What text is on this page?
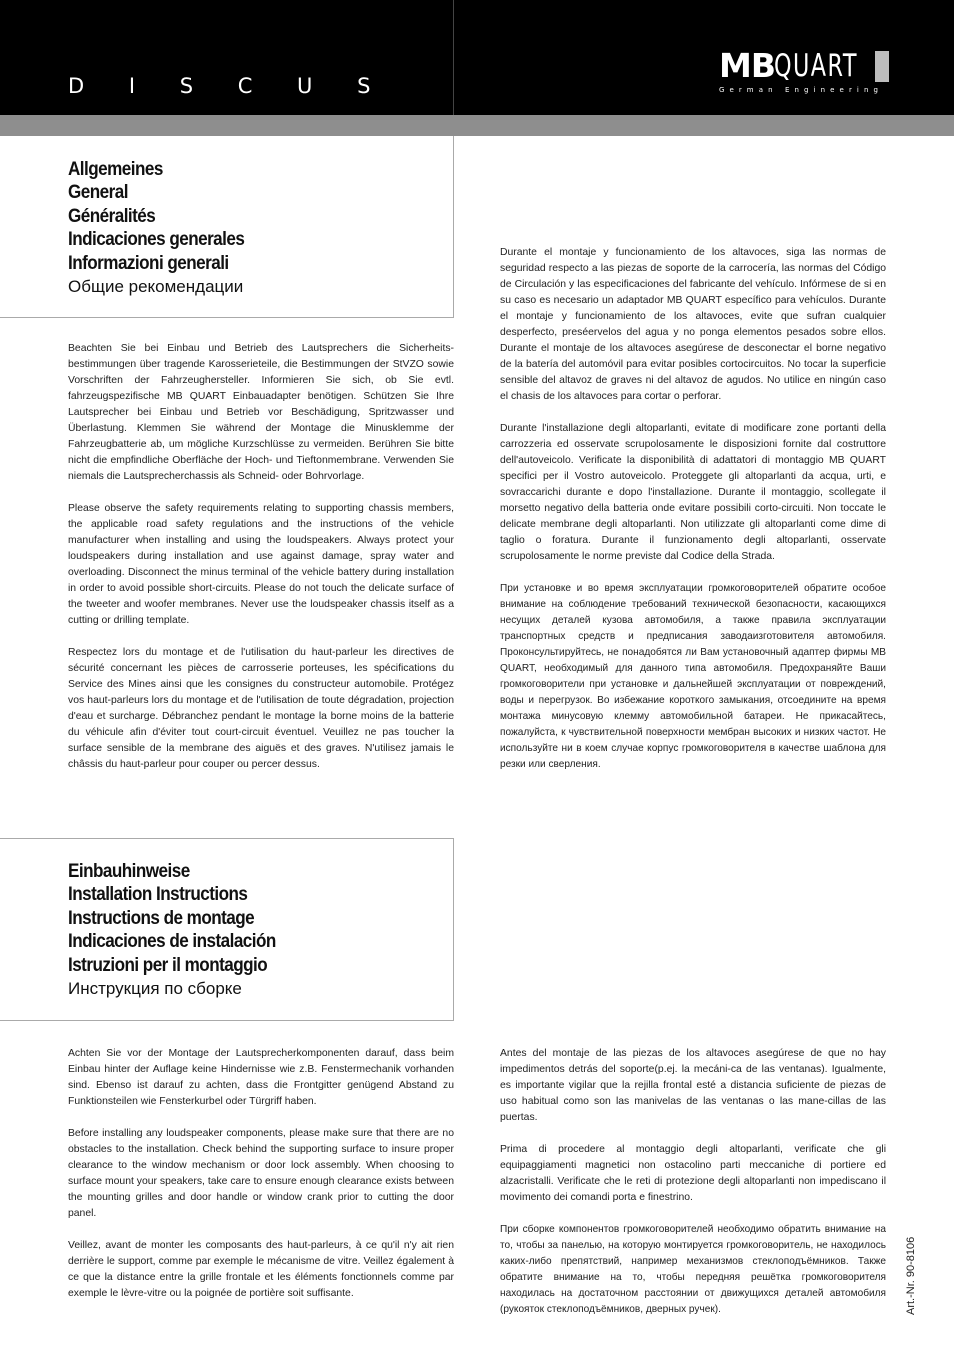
D I S C U S
MB QUART
German Engineering
Allgemeines
General
Généralités
Indicaciones generales
Informazioni generali
Общие рекомендации

Beachten Sie bei Einbau und Betrieb des Lautsprechers die Sicherheits-bestimmungen über tragende Karosserieteile, die Bestimmungen der StVZO sowie Vorschriften der Fahrzeughersteller. Informieren Sie sich, ob Sie evtl. fahrzeugspezifische MB QUART Einbauadapter benötigen. Schützen Sie Ihre Lautsprecher bei Einbau und Betrieb vor Beschädigung, Spritzwasser und Überlastung. Klemmen Sie während der Montage die Minusklemme der Fahrzeugbatterie ab, um mögliche Kurzschlüsse zu vermeiden. Berühren Sie bitte nicht die empfindliche Oberfläche der Hoch- und Tieftonmembrane. Verwenden Sie niemals die Lautsprecherchassis als Schneid- oder Bohrvorlage.

Please observe the safety requirements relating to supporting chassis members, the applicable road safety regulations and the instructions of the vehicle manufacturer when installing and using the loudspeakers. Always protect your loudspeakers during installation and use against damage, spray water and overloading. Disconnect the minus terminal of the vehicle battery during installation in order to avoid possible short-circuits. Please do not touch the delicate surface of the tweeter and woofer membranes. Never use the loudspeaker chassis itself as a cutting or drilling template.

Respectez lors du montage et de l'utilisation du haut-parleur les directives de sécurité concernant les pièces de carrosserie porteuses, les spécifications du Service des Mines ainsi que les consignes du constructeur automobile. Protégez vos haut-parleurs lors du montage et de l'utilisation de toute dégradation, projection d'eau et surcharge. Débranchez pendant le montage la borne moins de la batterie du véhicule afin d'éviter tout court-circuit éventuel. Veuillez ne pas toucher la surface sensible de la membrane des aiguës et des graves. N'utilisez jamais le châssis du haut-parleur pour couper ou percer dessus.

Durante el montaje y funcionamiento de los altavoces, siga las normas de seguridad respecto a las piezas de soporte de la carrocería, las normas del Código de Circulación y las especificaciones del fabricante del vehículo. Infórmese de si en su caso es necesario un adaptador MB QUART específico para vehículos. Durante el montaje y funcionamiento de los altavoces, evite que sufran cualquier desperfecto, preséervelos del agua y no ponga elementos pesados sobre ellos. Durante el montaje de los altavoces asegúrese de desconectar el borne negativo de la batería del automóvil para evitar posibles cortocircuitos. No tocar la superficie sensible del altavoz de graves ni del altavoz de agudos. No utilice en ningún caso el chasis de los altavoces para cortar o perforar.

Durante l'installazione degli altoparlanti, evitate di modificare zone portanti della carrozzeria ed osservate scrupolosamente le disposizioni fornite dal costruttore dell'autoveicolo. Verificate la disponibilità di adattatori di montaggio MB QUART specifici per il Vostro autoveicolo. Proteggete gli altoparlanti da acqua, urti, e sovraccarichi durante e dopo l'installazione. Durante il montaggio, scollegate il morsetto negativo della batteria onde evitare possibili corto-circuiti. Non toccate le delicate membrane degli altoparlanti. Non utilizzate gli altoparlanti come dime di taglio o foratura. Durante il funzionamento degli altoparlanti, osservate scrupolosamente le norme previste dal Codice della Strada.

При установке и во время эксплуатации громкоговорителей обратите особое внимание на соблюдение требований технической безопасности, касающихся несущих деталей кузова автомобиля, а также правила эксплуатации транспортных средств и предписания заводаизготовителя автомобиля. Проконсультируйтесь, не понадобятся ли Вам установочный адаптер фирмы MB QUART, необходимый для данного типа автомобиля. Предохраняйте Ваши громкоговорители при установке и дальнейшей эксплуатации от повреждений, воды и перегрузок. Во избежание короткого замыкания, отсоедините на время монтажа минусовую клемму автомобильной батареи. Не прикасайтесь, пожалуйста, к чувствительной поверхности мембран высоких и низких частот. Не используйте ни в коем случае корпус громкоговорителя в качестве шаблона для резки или сверления.

Einbauhinweise
Installation Instructions
Instructions de montage
Indicaciones de instalación
Istruzioni per il montaggio
Инструкция по сборке

Achten Sie vor der Montage der Lautsprecherkomponenten darauf, dass beim Einbau hinter der Auflage keine Hindernisse wie z.B. Fenstermechanik vorhanden sind. Ebenso ist darauf zu achten, dass die Frontgitter genügend Abstand zu Funktionsteilen wie Fensterkurbel oder Türgriff haben.

Before installing any loudspeaker components, please make sure that there are no obstacles to the installation. Check behind the supporting surface to insure proper clearance to the window mechanism or door lock assembly. When choosing to surface mount your speakers, take care to ensure enough clearance exists between the mounting grilles and door handle or window crank prior to cutting the door panel.

Veillez, avant de monter les composants des haut-parleurs, à ce qu'il n'y ait rien derrière le support, comme par exemple le mécanisme de vitre. Veillez également à ce que la distance entre la grille frontale et les éléments fonctionnels comme par exemple le lèvre-vitre ou la poignée de portière soit suffisante.

Antes del montaje de las piezas de los altavoces asegúrese de que no hay impedimentos detrás del soporte(p.ej. la mecáni-ca de las ventanas). Igualmente, es importante vigilar que la rejilla frontal esté a distancia suficiente de piezas de uso habitual como son las manivelas de las ventanas o las mane-cillas de las puertas.

Prima di procedere al montaggio degli altoparlanti, verificate che gli equipaggiamenti magnetici non ostacolino parti meccaniche di portiere ed alzacristalli. Verificate che le reti di protezione degli altoparlanti non impediscano il movimento dei comandi porta e finestrino.

При сборке компонентов громкоговорителей необходимо обратить внимание на то, чтобы за панелью, на которую монтируется громкоговоритель, не находилось каких-либо препятствий, например механизмов стеклоподъёмников. Также обратите внимание на то, чтобы передняя решётка громкоговорителя находилась на достаточном расстоянии от движущихся деталей автомобиля (рукояток стеклоподъёмников, дверных ручек).	Art.-Nr. 90-8106
